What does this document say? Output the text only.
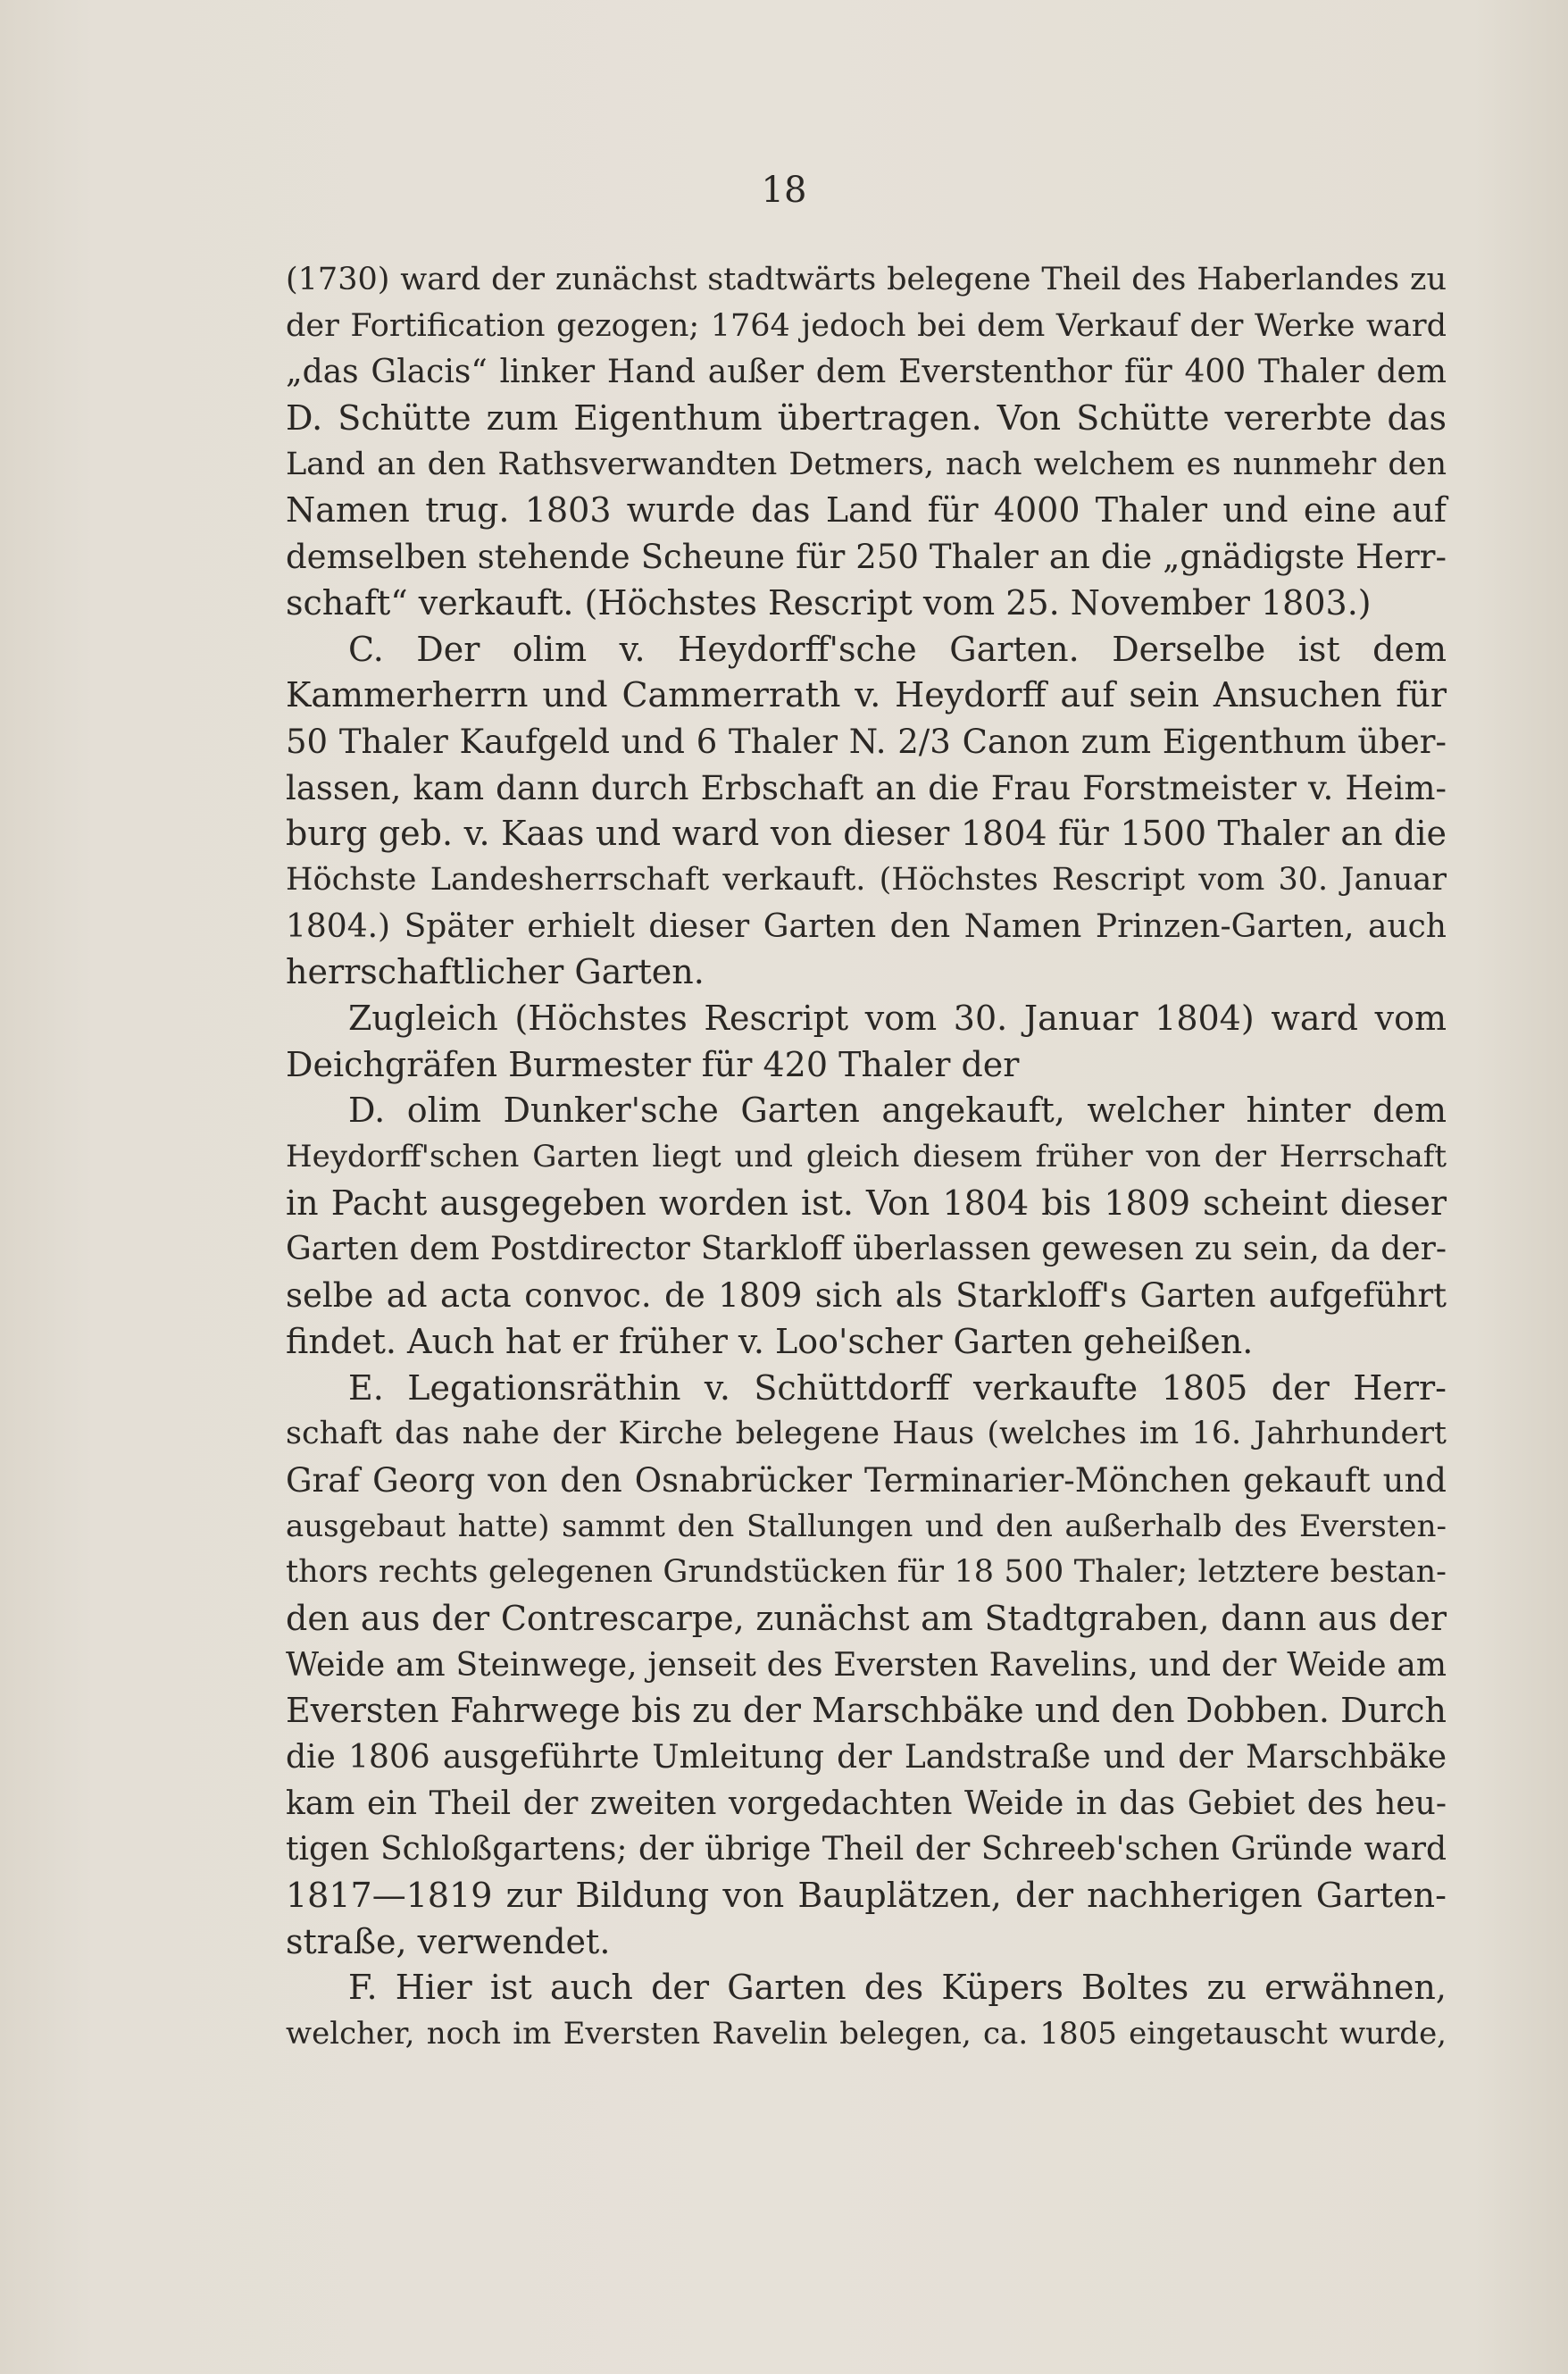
18
(1730) ward der zunächst stadtwärts belegene Theil des Haberlandes zu
der Fortification gezogen; 1764 jedoch bei dem Verkauf der Werke ward
„das Glacis“ linker Hand außer dem Everstenthor für 400 Thaler dem
D. Schütte zum Eigenthum übertragen. Von Schütte vererbte das
Land an den Rathsverwandten Detmers, nach welchem es nunmehr den
Namen trug. 1803 wurde das Land für 4000 Thaler und eine auf
demselben stehende Scheune für 250 Thaler an die „gnädigste Herr-
schaft“ verkauft. (Höchstes Rescript vom 25. November 1803.)
C. Der olim v. Heydorff'sche Garten. Derselbe ist dem
Kammerherrn und Cammerrath v. Heydorff auf sein Ansuchen für
50 Thaler Kaufgeld und 6 Thaler N. 2/3 Canon zum Eigenthum über-
lassen, kam dann durch Erbschaft an die Frau Forstmeister v. Heim-
burg geb. v. Kaas und ward von dieser 1804 für 1500 Thaler an die
Höchste Landesherrschaft verkauft. (Höchstes Rescript vom 30. Januar
1804.) Später erhielt dieser Garten den Namen Prinzen-Garten, auch
herrschaftlicher Garten.
Zugleich (Höchstes Rescript vom 30. Januar 1804) ward vom
Deichgräfen Burmester für 420 Thaler der
D. olim Dunker'sche Garten angekauft, welcher hinter dem
Heydorff'schen Garten liegt und gleich diesem früher von der Herrschaft
in Pacht ausgegeben worden ist. Von 1804 bis 1809 scheint dieser
Garten dem Postdirector Starkloff überlassen gewesen zu sein, da der-
selbe ad acta convoc. de 1809 sich als Starkloff's Garten aufgeführt
findet. Auch hat er früher v. Loo'scher Garten geheißen.
E. Legationsräthin v. Schüttdorff verkaufte 1805 der Herr-
schaft das nahe der Kirche belegene Haus (welches im 16. Jahrhundert
Graf Georg von den Osnabrücker Terminarier-Mönchen gekauft und
ausgebaut hatte) sammt den Stallungen und den außerhalb des Eversten-
thors rechts gelegenen Grundstücken für 18 500 Thaler; letztere bestan-
den aus der Contrescarpe, zunächst am Stadtgraben, dann aus der
Weide am Steinwege, jenseit des Eversten Ravelins, und der Weide am
Eversten Fahrwege bis zu der Marschbäke und den Dobben. Durch
die 1806 ausgeführte Umleitung der Landstraße und der Marschbäke
kam ein Theil der zweiten vorgedachten Weide in das Gebiet des heu-
tigen Schloßgartens; der übrige Theil der Schreeb'schen Gründe ward
1817—1819 zur Bildung von Bauplätzen, der nachherigen Garten-
straße, verwendet.
F. Hier ist auch der Garten des Küpers Boltes zu erwähnen,
welcher, noch im Eversten Ravelin belegen, ca. 1805 eingetauscht wurde,
